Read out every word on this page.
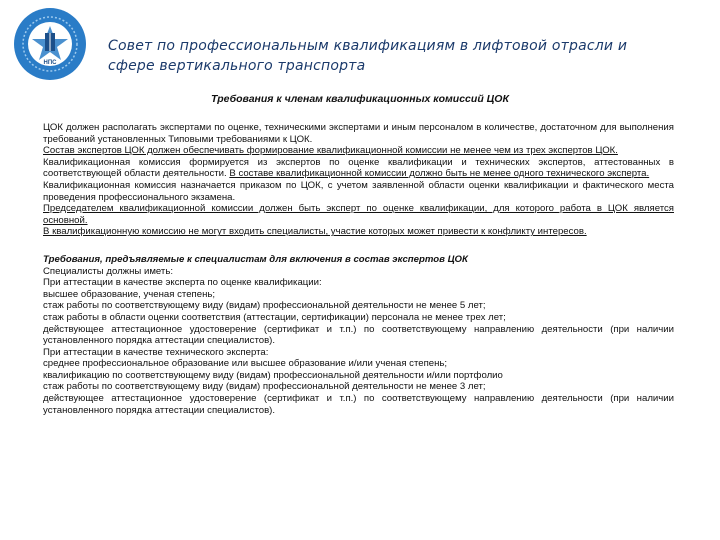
НПС
Совет по профессиональным квалификациям в лифтовой отрасли и сфере вертикального транспорта
Требования к членам квалификационных комиссий ЦОК

ЦОК должен располагать экспертами по оценке, техническими экспертами и иным персоналом в количестве, достаточном для выполнения требований установленных Типовыми требованиями к ЦОК.

Состав экспертов ЦОК должен обеспечивать формирование квалификационной комиссии не менее чем из трех экспертов ЦОК.

Квалификационная комиссия формируется из экспертов по оценке квалификации и технических экспертов, аттестованных в соответствующей области деятельности. В составе квалификационной комиссии должно быть не менее одного технического эксперта.

Квалификационная комиссия назначается приказом по ЦОК, с учетом заявленной области оценки квалификации и фактического места проведения профессионального экзамена.

Председателем квалификационной комиссии должен быть эксперт по оценке квалификации, для которого работа в ЦОК является основной.

В квалификационную комиссию не могут входить специалисты, участие которых может привести к конфликту интересов.

Требования, предъявляемые к специалистам для включения в состав экспертов ЦОК

Специалисты должны иметь:

При аттестации в качестве эксперта по оценке квалификации:

высшее образование, ученая степень;

стаж работы по соответствующему виду (видам) профессиональной деятельности не менее 5 лет;

стаж работы в области оценки соответствия (аттестации, сертификации) персонала не менее трех лет;

действующее аттестационное удостоверение (сертификат и т.п.) по соответствующему направлению деятельности (при наличии установленного порядка аттестации специалистов).

При аттестации в качестве технического эксперта:

среднее профессиональное образование или высшее образование и/или ученая степень;

квалификацию по соответствующему виду (видам) профессиональной деятельности и/или портфолио

стаж работы по соответствующему виду (видам) профессиональной деятельности не менее 3 лет;

действующее аттестационное удостоверение (сертификат и т.п.) по соответствующему направлению деятельности (при наличии установленного порядка аттестации специалистов).
